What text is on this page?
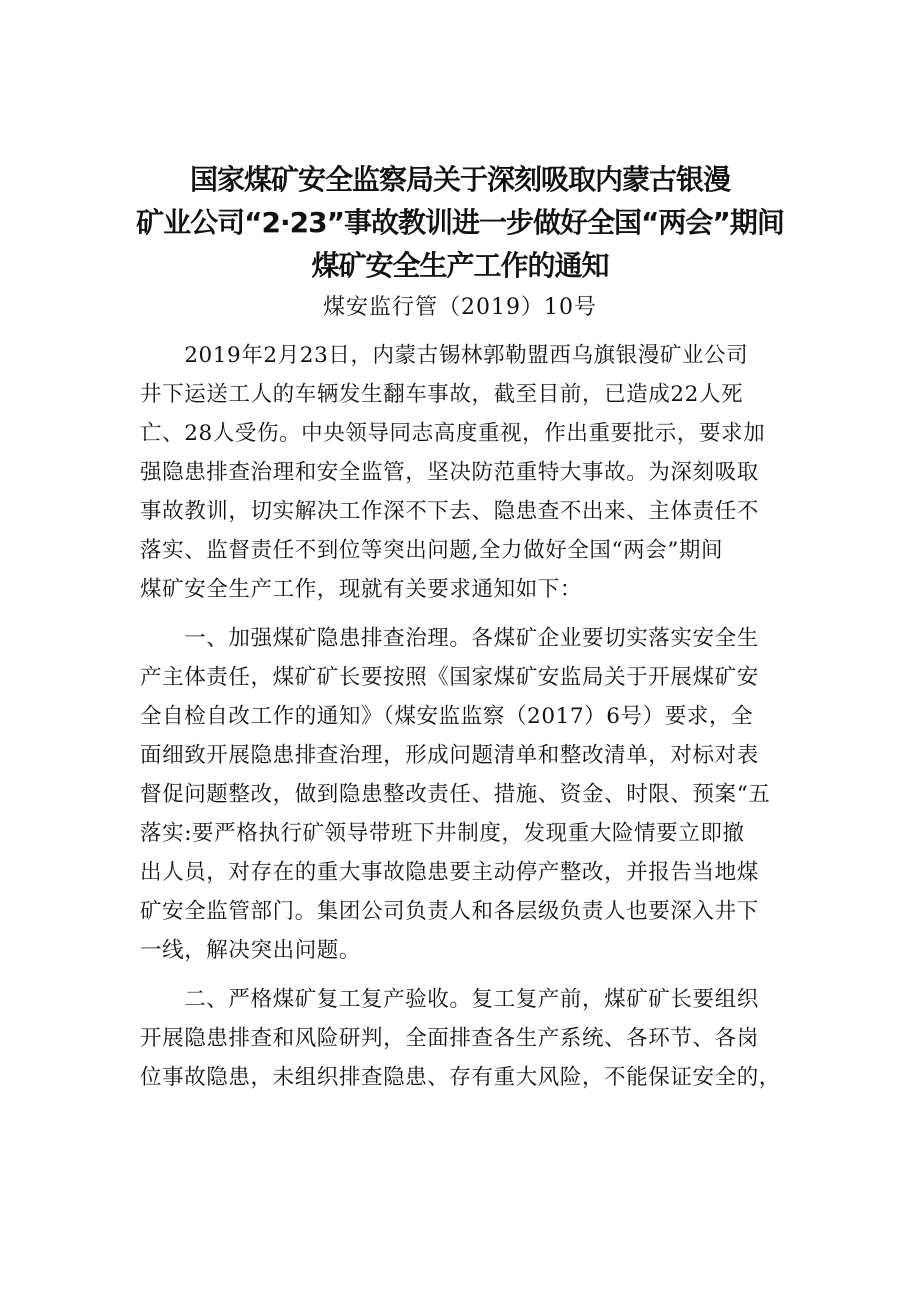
国家煤矿安全监察局关于深刻吸取内蒙古银漫
矿业公司“2·23”事故教训进一步做好全国“两会”期间
煤矿安全生产工作的通知
煤安监行管（2019）10号
　　2019年2月23日，内蒙古锡林郭勒盟西乌旗银漫矿业公司
井下运送工人的车辆发生翻车事故，截至目前，已造成22人死
亡、28人受伤。中央领导同志高度重视，作出重要批示，要求加
强隐患排查治理和安全监管，坚决防范重特大事故。为深刻吸取
事故教训，切实解决工作深不下去、隐患查不出来、主体责任不
落实、监督责任不到位等突出问题,全力做好全国“两会”期间
煤矿安全生产工作，现就有关要求通知如下：
　　一、加强煤矿隐患排查治理。各煤矿企业要切实落实安全生
产主体责任，煤矿矿长要按照《国家煤矿安监局关于开展煤矿安
全自检自改工作的通知》（煤安监监察（2017）6号）要求，全
面细致开展隐患排查治理，形成问题清单和整改清单，对标对表
督促问题整改，做到隐患整改责任、措施、资金、时限、预案“五
落实:要严格执行矿领导带班下井制度，发现重大险情要立即撤
出人员，对存在的重大事故隐患要主动停产整改，并报告当地煤
矿安全监管部门。集团公司负责人和各层级负责人也要深入井下
一线，解决突出问题。
　　二、严格煤矿复工复产验收。复工复产前，煤矿矿长要组织
开展隐患排查和风险研判，全面排查各生产系统、各环节、各岗
位事故隐患，未组织排查隐患、存有重大风险，不能保证安全的，
